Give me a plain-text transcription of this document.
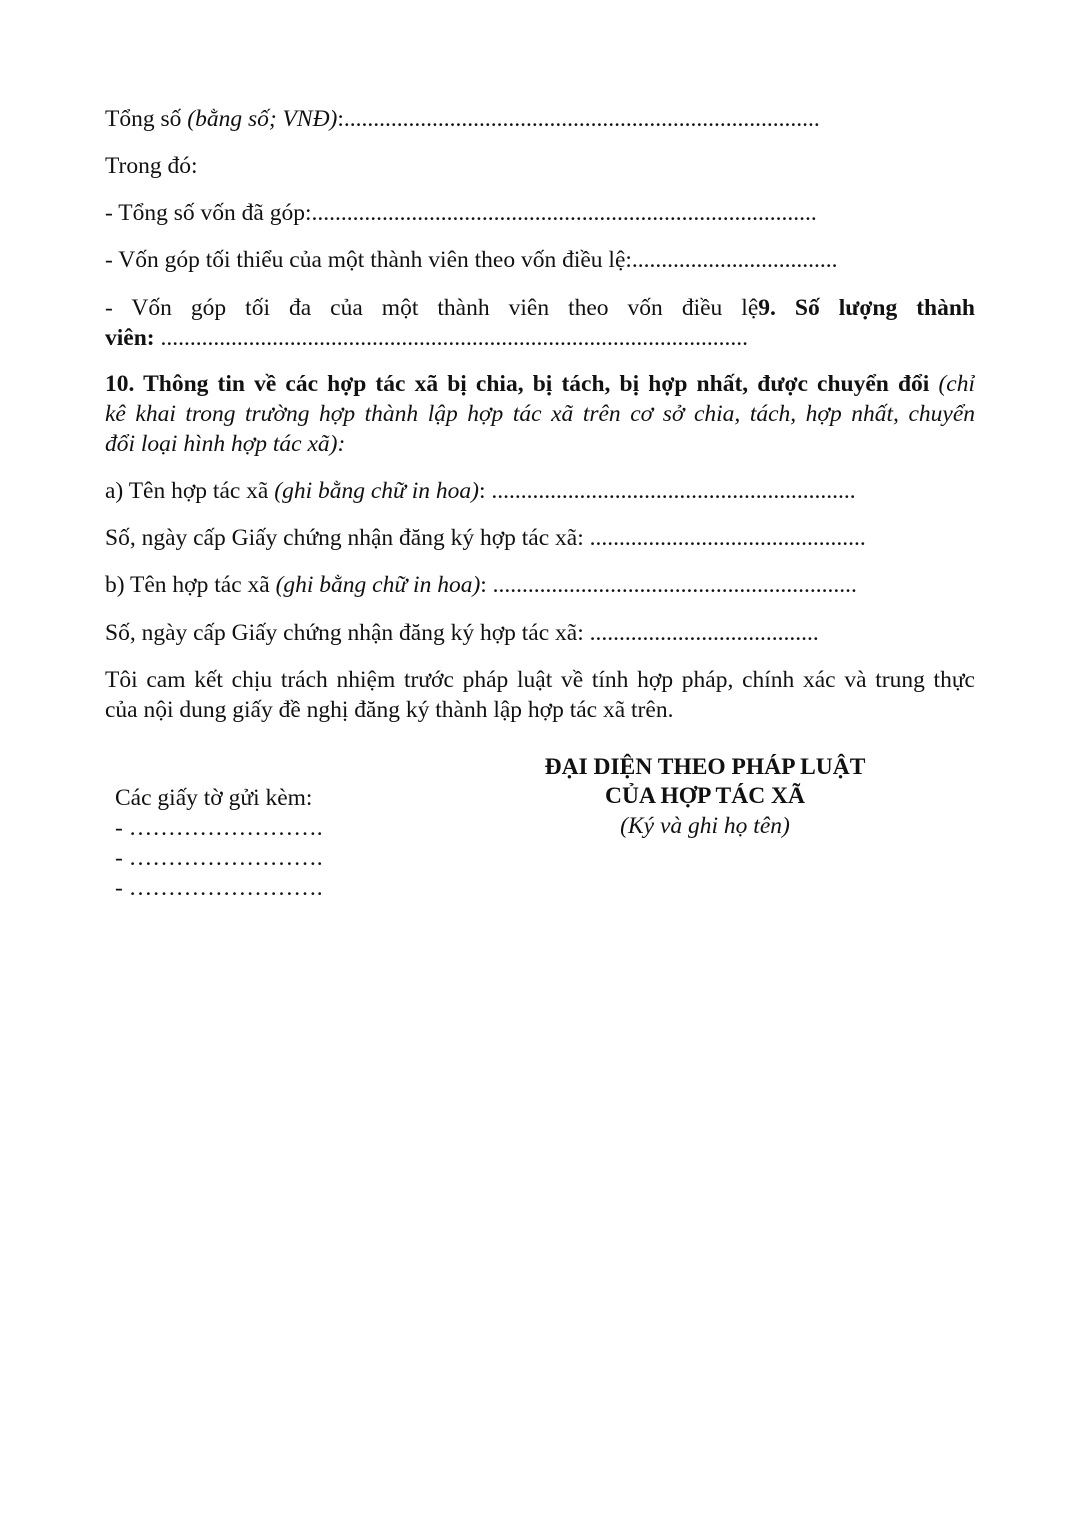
Tổng số (bằng số; VNĐ):.................................................................................
Trong đó:
- Tổng số vốn đã góp:......................................................................................
- Vốn góp tối thiểu của một thành viên theo vốn điều lệ:...................................
- Vốn góp tối đa của một thành viên theo vốn điều lệ9. Số lượng thành
viên: ....................................................................................................
10. Thông tin về các hợp tác xã bị chia, bị tách, bị hợp nhất, được chuyển đổi (chỉ
kê khai trong trường hợp thành lập hợp tác xã trên cơ sở chia, tách, hợp nhất, chuyển
đổi loại hình hợp tác xã):
a) Tên hợp tác xã (ghi bằng chữ in hoa): ..............................................................
Số, ngày cấp Giấy chứng nhận đăng ký hợp tác xã: ...............................................
b) Tên hợp tác xã (ghi bằng chữ in hoa): ..............................................................
Số, ngày cấp Giấy chứng nhận đăng ký hợp tác xã: .......................................
Tôi cam kết chịu trách nhiệm trước pháp luật về tính hợp pháp, chính xác và trung thực
của nội dung giấy đề nghị đăng ký thành lập hợp tác xã trên.
Các giấy tờ gửi kèm:
- …………………….
- …………………….
- …………………….
ĐẠI DIỆN THEO PHÁP LUẬT
CỦA HỢP TÁC XÃ
(Ký và ghi họ tên)
